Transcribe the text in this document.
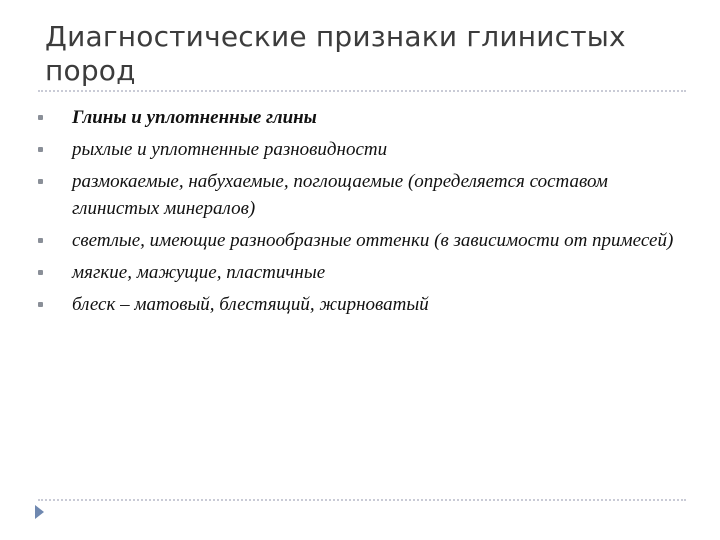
Диагностические признаки глинистых пород
Глины и уплотненные глины
рыхлые и уплотненные разновидности
размокаемые, набухаемые, поглощаемые (определяется составом глинистых минералов)
светлые, имеющие разнообразные оттенки (в зависимости от примесей)
мягкие, мажущие, пластичные
блеск – матовый, блестящий, жирноватый
